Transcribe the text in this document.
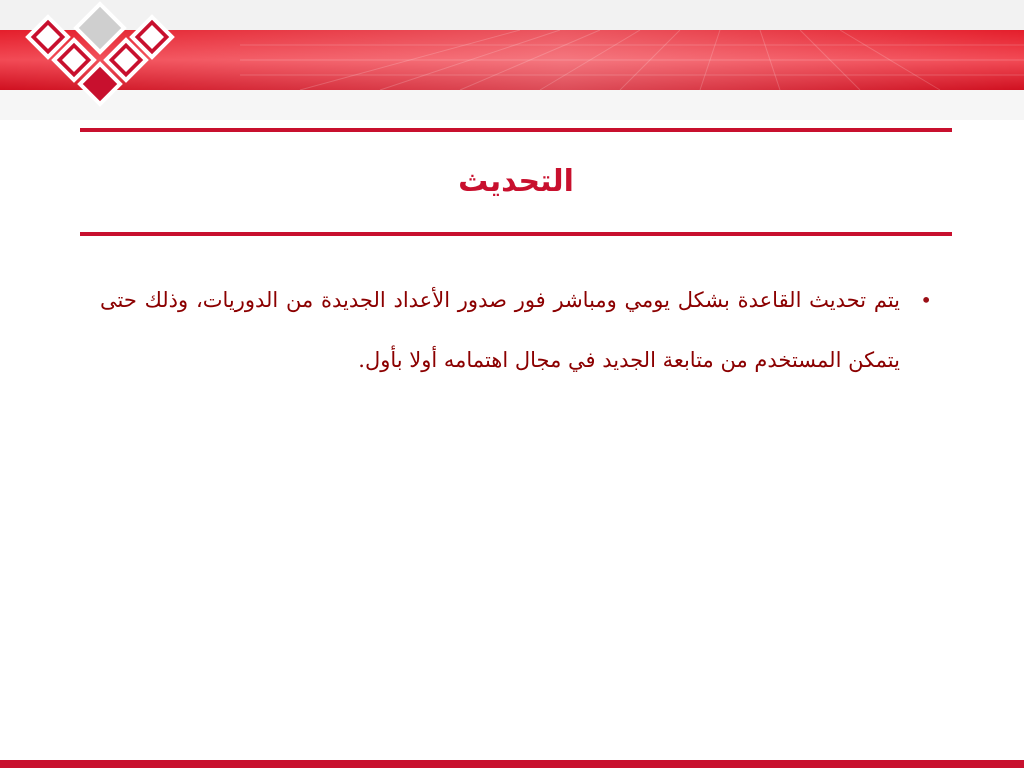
التحديث
•
يتم تحديث القاعدة بشكل يومي ومباشر فور صدور الأعداد الجديدة من الدوريات، وذلك حتى يتمكن المستخدم من متابعة الجديد في مجال اهتمامه أولا بأول.
